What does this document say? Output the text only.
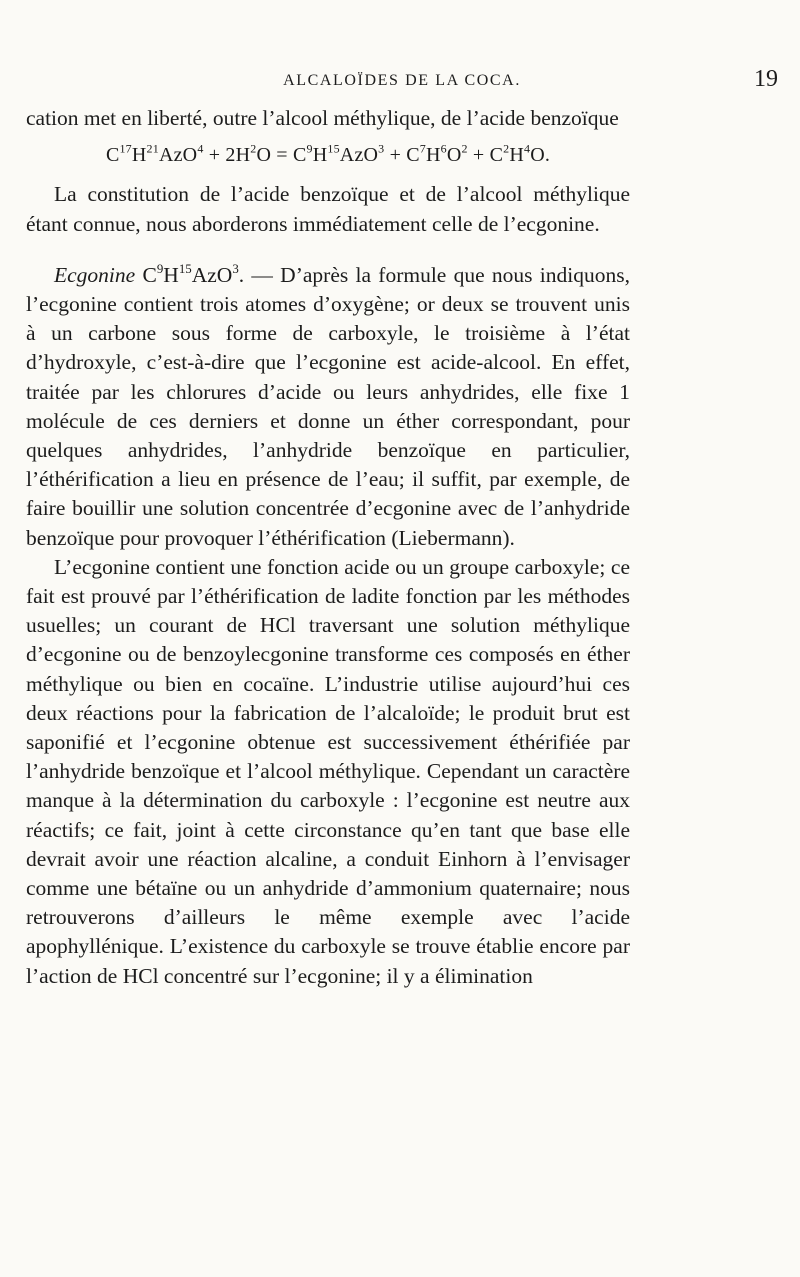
ALCALOÏDES DE LA COCA.	19

cation met en liberté, outre l’alcool méthylique, de l’acide benzoïque

$C^{17}H^{21}AzO^4 + 2H^2O = C^9H^{15}AzO^3 + C^7H^6O^2 + C^2H^4O$.

La constitution de l’acide benzoïque et de l’alcool méthylique étant connue, nous aborderons immédiatement celle de l’ecgonine.

Ecgonine $C^9H^{15}AzO^3$. — D’après la formule que nous indiquons, l’ecgonine contient trois atomes d’oxygène; or deux se trouvent unis à un carbone sous forme de carboxyle, le troisième à l’état d’hydroxyle, c’est-à-dire que l’ecgonine est acide-alcool. En effet, traitée par les chlorures d’acide ou leurs anhydrides, elle fixe 1 molécule de ces derniers et donne un éther correspondant, pour quelques anhydrides, l’anhydride benzoïque en particulier, l’éthérification a lieu en présence de l’eau; il suffit, par exemple, de faire bouillir une solution concentrée d’ecgonine avec de l’anhydride benzoïque pour provoquer l’éthérification (Liebermann).

L’ecgonine contient une fonction acide ou un groupe carboxyle; ce fait est prouvé par l’éthérification de ladite fonction par les méthodes usuelles; un courant de HCl traversant une solution méthylique d’ecgonine ou de benzoylecgonine transforme ces composés en éther méthylique ou bien en cocaïne. L’industrie utilise aujourd’hui ces deux réactions pour la fabrication de l’alcaloïde; le produit brut est saponifié et l’ecgonine obtenue est successivement éthérifiée par l’anhydride benzoïque et l’alcool méthylique. Cependant un caractère manque à la détermination du carboxyle : l’ecgonine est neutre aux réactifs; ce fait, joint à cette circonstance qu’en tant que base elle devrait avoir une réaction alcaline, a conduit Einhorn à l’envisager comme une bétaïne ou un anhydride d’ammonium quaternaire; nous retrouverons d’ailleurs le même exemple avec l’acide apophyllénique. L’existence du carboxyle se trouve établie encore par l’action de HCl concentré sur l’ecgonine; il y a élimination
